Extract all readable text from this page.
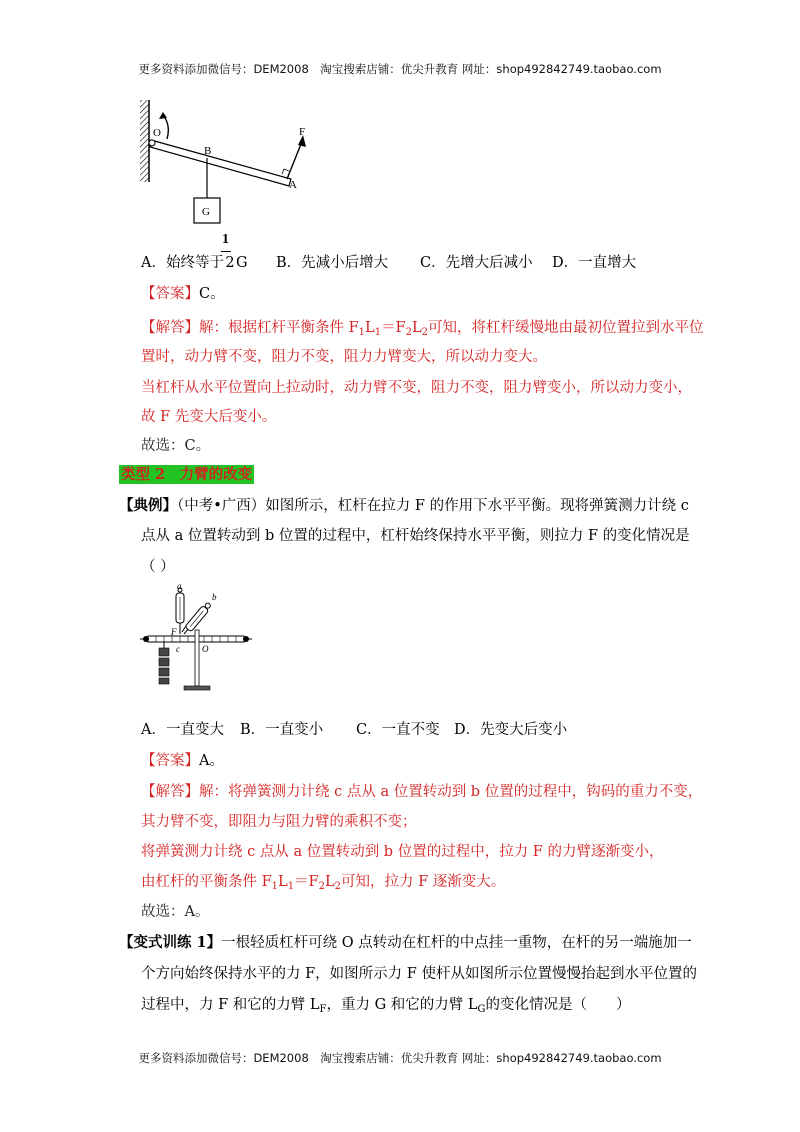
更多资料添加微信号：DEM2008　淘宝搜索店铺：优尖升教育 网址：shop492842749.taobao.com
O
B
F
A
G
1
A．始终等于2G B．先减小后增大 C．先增大后减小 D．一直增大
【答案】C。
【解答】解：根据杠杆平衡条件 $F_1L_1=F_2L_2$可知，将杠杆缓慢地由最初位置拉到水平位
置时，动力臂不变，阻力不变，阻力力臂变大，所以动力变大。
当杠杆从水平位置向上拉动时，动力臂不变，阻力不变，阻力臂变小，所以动力变小，
故 F 先变大后变小。
故选：C。
类型 2　力臂的改变
【典例】（中考•广西）如图所示，杠杆在拉力 F 的作用下水平平衡。现将弹簧测力计绕 c
点从 a 位置转动到 b 位置的过程中，杠杆始终保持水平平衡，则拉力 F 的变化情况是
（ ）
a
b
F
c O
A．一直变大 B．一直变小 C．一直不变 D．先变大后变小
【答案】A。
【解答】解：将弹簧测力计绕 c 点从 a 位置转动到 b 位置的过程中，钩码的重力不变，
其力臂不变，即阻力与阻力臂的乘积不变；
将弹簧测力计绕 c 点从 a 位置转动到 b 位置的过程中，拉力 F 的力臂逐渐变小，
由杠杆的平衡条件 $F_1L_1=F_2L_2$可知，拉力 F 逐渐变大。
故选：A。
【变式训练 1】一根轻质杠杆可绕 O 点转动在杠杆的中点挂一重物，在杆的另一端施加一
个方向始终保持水平的力 F，如图所示力 F 使杆从如图所示位置慢慢抬起到水平位置的
过程中，力 F 和它的力臂 $L_F$，重力 G 和它的力臂 $L_G$的变化情况是（　　）
更多资料添加微信号：DEM2008　淘宝搜索店铺：优尖升教育 网址：shop492842749.taobao.com
